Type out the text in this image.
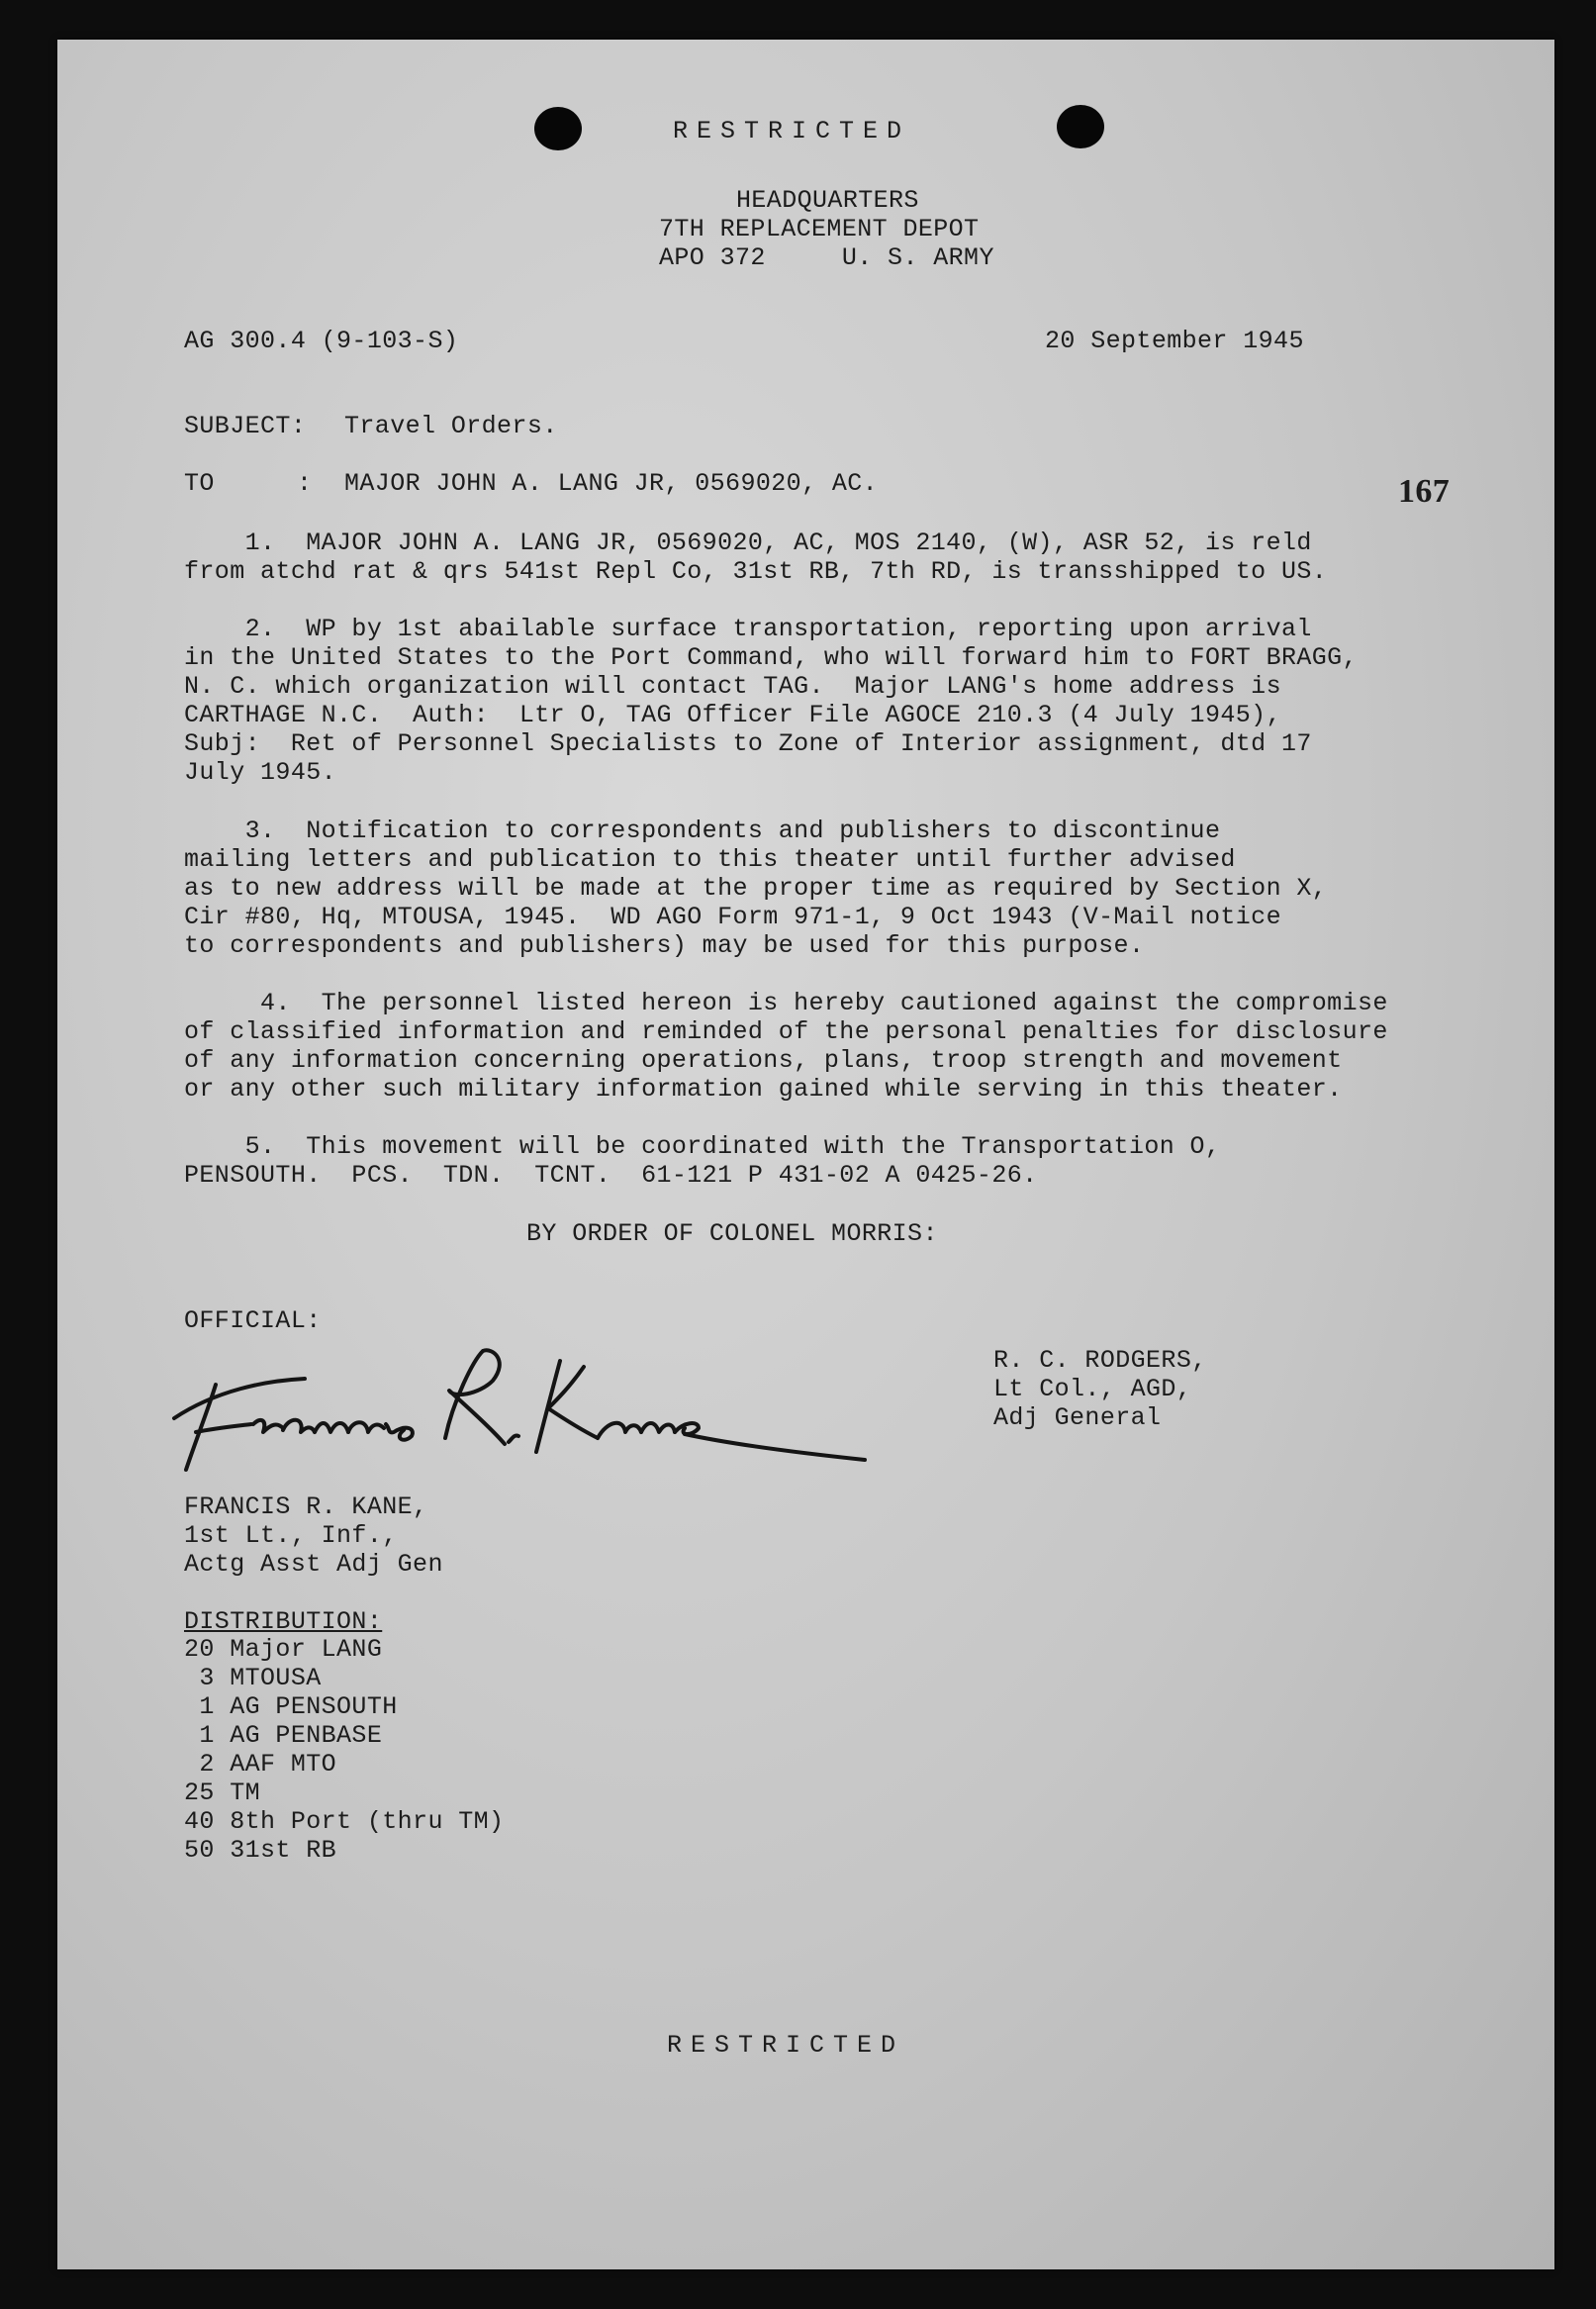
RESTRICTED

HEADQUARTERS

7TH REPLACEMENT DEPOT

APO 372     U. S. ARMY

AG 300.4 (9-103-S)	20 September 1945

SUBJECT: Travel Orders.

TO	: MAJOR JOHN A. LANG JR, 0569020, AC.	167

1.  MAJOR JOHN A. LANG JR, 0569020, AC, MOS 2140, (W), ASR 52, is reld

from atchd rat & qrs 541st Repl Co, 31st RB, 7th RD, is transshipped to US.

2.  WP by 1st abailable surface transportation, reporting upon arrival

in the United States to the Port Command, who will forward him to FORT BRAGG,

N. C. which organization will contact TAG.  Major LANG's home address is

CARTHAGE N.C.  Auth:  Ltr O, TAG Officer File AGOCE 210.3 (4 July 1945),

Subj:  Ret of Personnel Specialists to Zone of Interior assignment, dtd 17

July 1945.

3.  Notification to correspondents and publishers to discontinue

mailing letters and publication to this theater until further advised

as to new address will be made at the proper time as required by Section X,

Cir #80, Hq, MTOUSA, 1945.  WD AGO Form 971-1, 9 Oct 1943 (V-Mail notice

to correspondents and publishers) may be used for this purpose.

4.  The personnel listed hereon is hereby cautioned against the compromise

of classified information and reminded of the personal penalties for disclosure

of any information concerning operations, plans, troop strength and movement

or any other such military information gained while serving in this theater.

5.  This movement will be coordinated with the Transportation O,

PENSOUTH.  PCS.  TDN.  TCNT.  61-121 P 431-02 A 0425-26.

BY ORDER OF COLONEL MORRIS:

OFFICIAL:

FRANCIS R. KANE,

1st Lt., Inf.,

Actg Asst Adj Gen

R. C. RODGERS,

Lt Col., AGD,

Adj General

DISTRIBUTION:

20 Major LANG

3 MTOUSA

1 AG PENSOUTH

1 AG PENBASE

2 AAF MTO

25 TM

40 8th Port (thru TM)

50 31st RB

RESTRICTED
